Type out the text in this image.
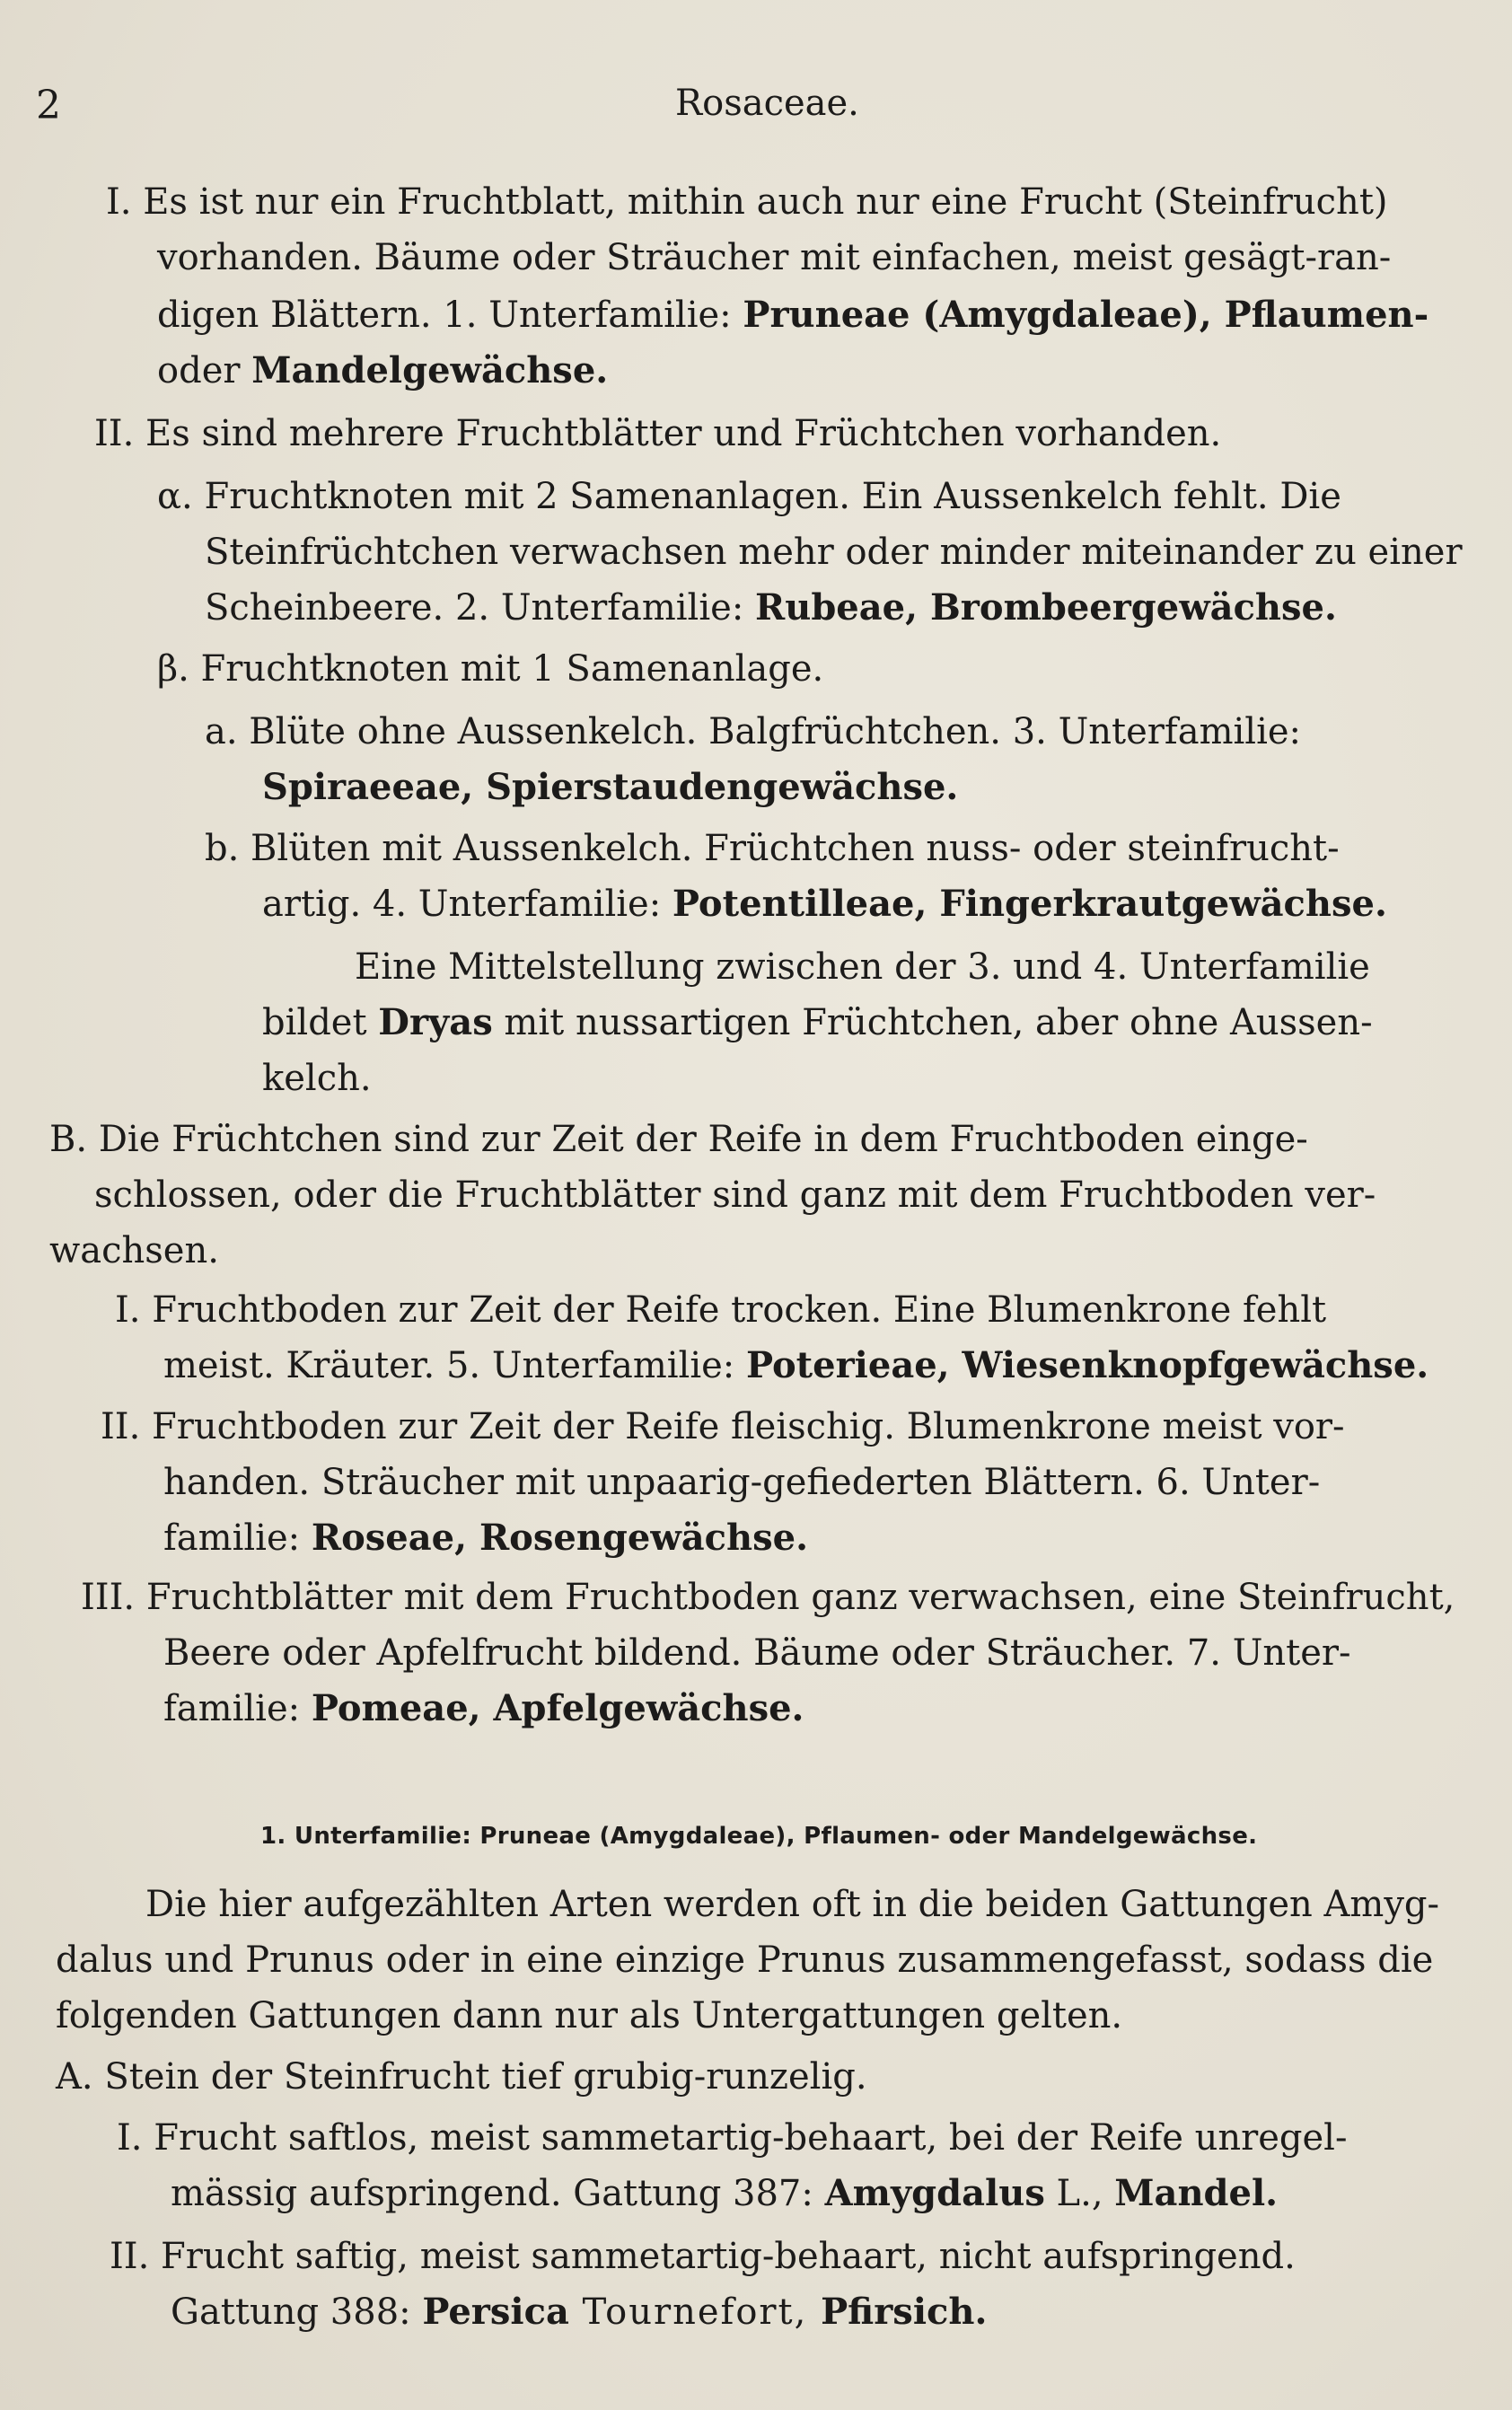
2	Rosaceae.
I. Es ist nur ein Fruchtblatt, mithin auch nur eine Frucht (Steinfrucht)
vorhanden. Bäume oder Sträucher mit einfachen, meist gesägt-ran-
digen Blättern. 1. Unterfamilie: Pruneae (Amygdaleae), Pflaumen-
oder Mandelgewächse.
II. Es sind mehrere Fruchtblätter und Früchtchen vorhanden.
α. Fruchtknoten mit 2 Samenanlagen. Ein Aussenkelch fehlt. Die
Steinfrüchtchen verwachsen mehr oder minder miteinander zu einer
Scheinbeere. 2. Unterfamilie: Rubeae, Brombeergewächse.
β. Fruchtknoten mit 1 Samenanlage.
a. Blüte ohne Aussenkelch. Balgfrüchtchen. 3. Unterfamilie:
Spiraeeae, Spierstaudengewächse.
b. Blüten mit Aussenkelch. Früchtchen nuss- oder steinfrucht-
artig. 4. Unterfamilie: Potentilleae, Fingerkrautgewächse.
Eine Mittelstellung zwischen der 3. und 4. Unterfamilie
bildet Dryas mit nussartigen Früchtchen, aber ohne Aussen-
kelch.
B. Die Früchtchen sind zur Zeit der Reife in dem Fruchtboden einge-
schlossen, oder die Fruchtblätter sind ganz mit dem Fruchtboden ver-
wachsen.
I. Fruchtboden zur Zeit der Reife trocken. Eine Blumenkrone fehlt
meist. Kräuter. 5. Unterfamilie: Poterieae, Wiesenknopfgewächse.
II. Fruchtboden zur Zeit der Reife fleischig. Blumenkrone meist vor-
handen. Sträucher mit unpaarig-gefiederten Blättern. 6. Unter-
familie: Roseae, Rosengewächse.
III. Fruchtblätter mit dem Fruchtboden ganz verwachsen, eine Steinfrucht,
Beere oder Apfelfrucht bildend. Bäume oder Sträucher. 7. Unter-
familie: Pomeae, Apfelgewächse.
1. Unterfamilie: Pruneae (Amygdaleae), Pflaumen- oder Mandelgewächse.
Die hier aufgezählten Arten werden oft in die beiden Gattungen Amyg-
dalus und Prunus oder in eine einzige Prunus zusammengefasst, sodass die
folgenden Gattungen dann nur als Untergattungen gelten.
A. Stein der Steinfrucht tief grubig-runzelig.
I. Frucht saftlos, meist sammetartig-behaart, bei der Reife unregel-
mässig aufspringend. Gattung 387: Amygdalus L., Mandel.
II. Frucht saftig, meist sammetartig-behaart, nicht aufspringend.
Gattung 388: Persica Tournefort, Pfirsich.
